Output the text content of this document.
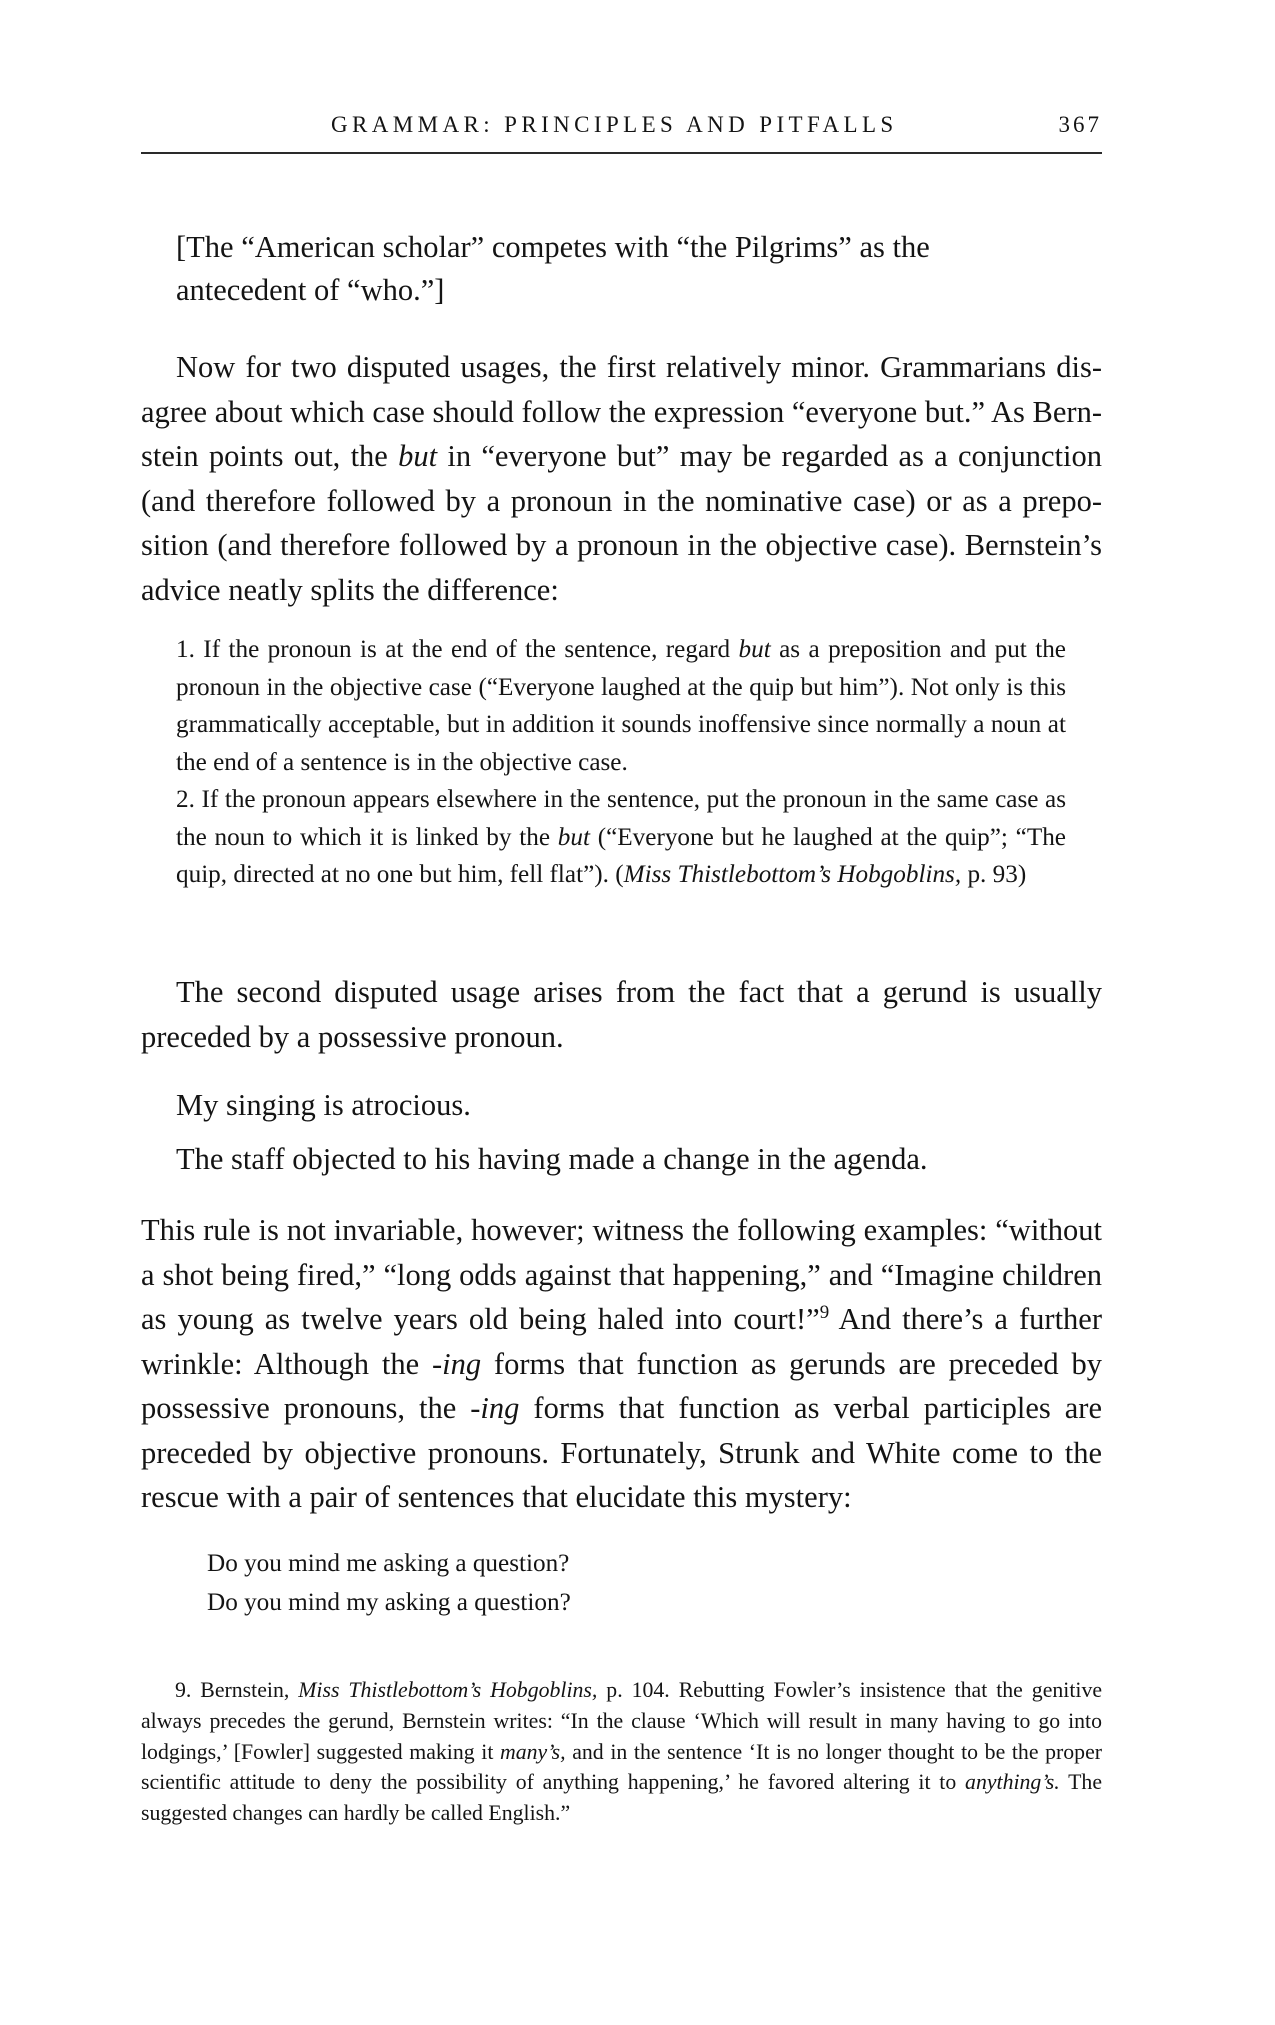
GRAMMAR: PRINCIPLES AND PITFALLS	367

[The “American scholar” competes with “the Pilgrims” as the antecedent of “who.”]

Now for two disputed usages, the first relatively minor. Grammarians disagree about which case should follow the expression “everyone but.” As Bernstein points out, the but in “everyone but” may be regarded as a conjunction (and therefore followed by a pronoun in the nominative case) or as a preposition (and therefore followed by a pronoun in the objective case). Bernstein’s advice neatly splits the difference:

1. If the pronoun is at the end of the sentence, regard but as a preposition and put the pronoun in the objective case (“Everyone laughed at the quip but him”). Not only is this grammatically acceptable, but in addition it sounds inoffensive since normally a noun at the end of a sentence is in the objective case.

2. If the pronoun appears elsewhere in the sentence, put the pronoun in the same case as the noun to which it is linked by the but (“Everyone but he laughed at the quip”; “The quip, directed at no one but him, fell flat”). (Miss Thistlebottom’s Hobgoblins, p. 93)

The second disputed usage arises from the fact that a gerund is usually preceded by a possessive pronoun.

My singing is atrocious.

The staff objected to his having made a change in the agenda.

This rule is not invariable, however; witness the following examples: “without a shot being fired,” “long odds against that happening,” and “Imagine children as young as twelve years old being haled into court!”$^9$ And there’s a further wrinkle: Although the -ing forms that function as gerunds are preceded by possessive pronouns, the -ing forms that function as verbal participles are preceded by objective pronouns. Fortunately, Strunk and White come to the rescue with a pair of sentences that elucidate this mystery:

Do you mind me asking a question?

Do you mind my asking a question?

9. Bernstein, Miss Thistlebottom’s Hobgoblins, p. 104. Rebutting Fowler’s insistence that the genitive always precedes the gerund, Bernstein writes: “In the clause ‘Which will result in many having to go into lodgings,’ [Fowler] suggested making it many’s, and in the sentence ‘It is no longer thought to be the proper scientific attitude to deny the possibility of anything happening,’ he favored altering it to anything’s. The suggested changes can hardly be called English.”
